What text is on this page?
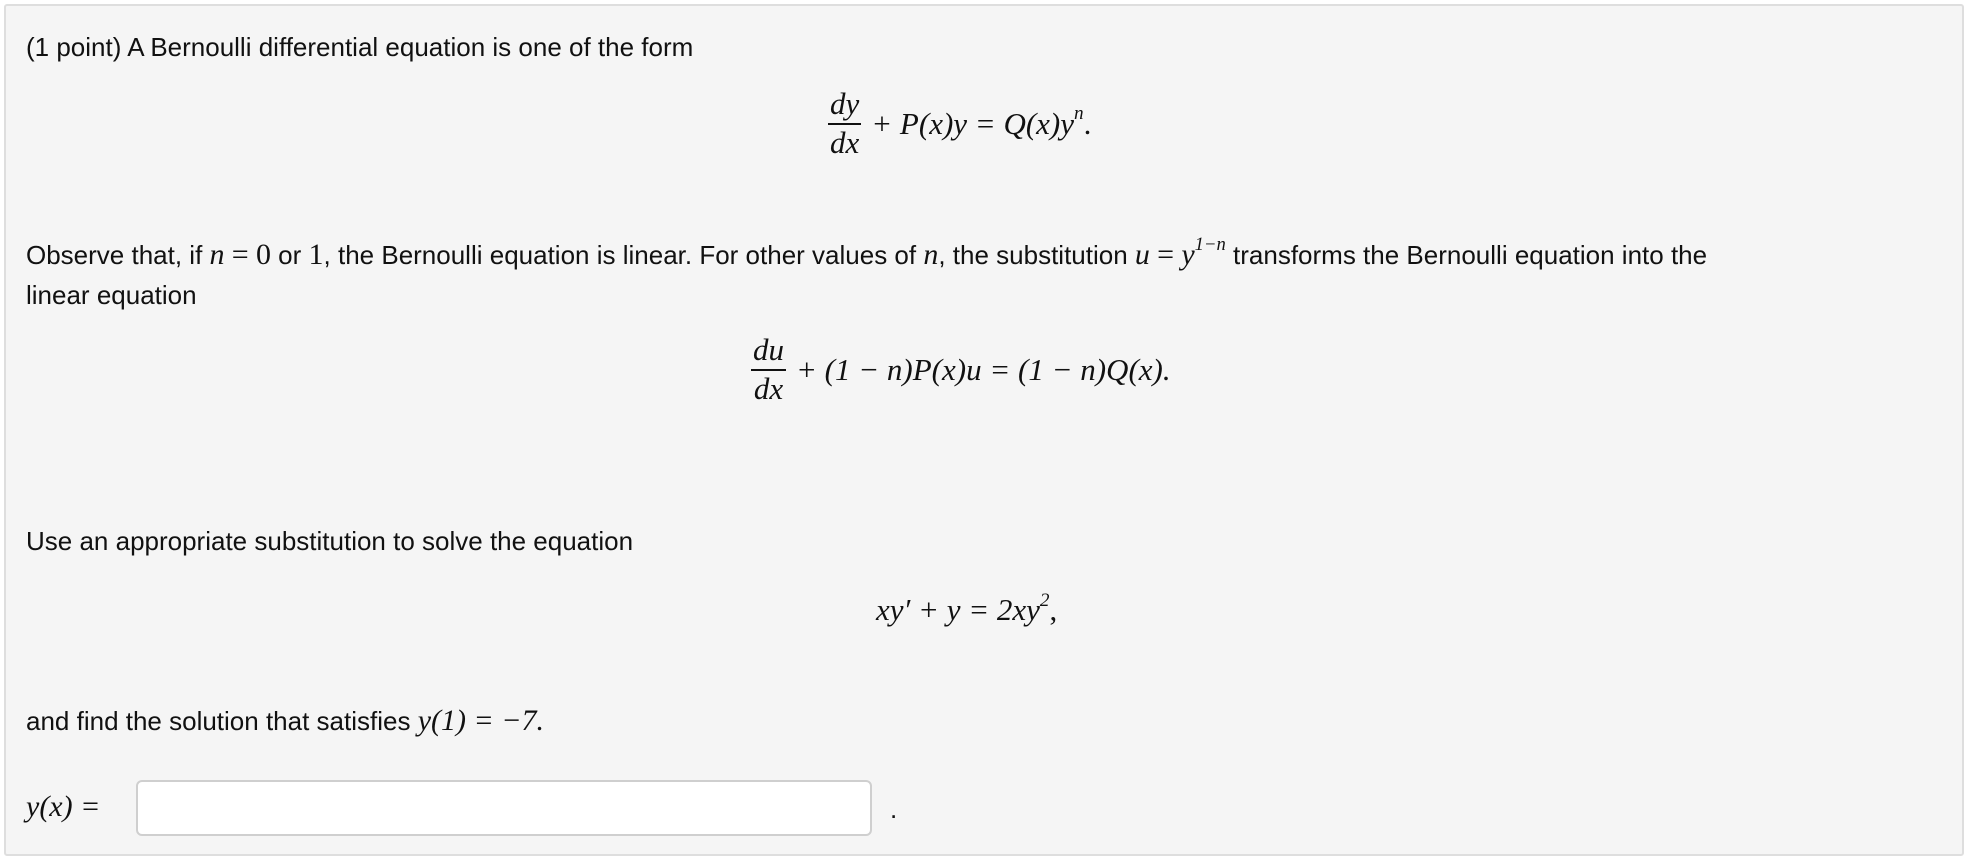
(1 point) A Bernoulli differential equation is one of the form
$\frac{dy}{dx} + P(x)y = Q(x)y^n$.
Observe that, if n = 0 or 1, the Bernoulli equation is linear. For other values of n, the substitution $u = y^{1-n}$ transforms the Bernoulli equation into the
linear equation
$\frac{du}{dx} + (1 - n)P(x)u = (1 - n)Q(x)$.
Use an appropriate substitution to solve the equation
$xy' + y = 2xy^2$,
and find the solution that satisfies y(1) = −7.
y(x) =	.
